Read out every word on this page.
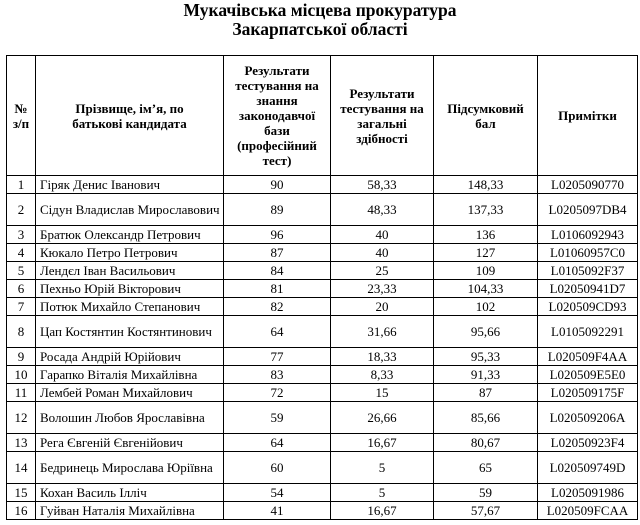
Мукачівська місцева прокуратура
Закарпатської області
№ з/п	Прізвище, ім’я, по батькові кандидата	Результати тестування на знання законодавчої бази (професійний тест)	Результати тестування на загальні здібності	Підсумковий бал	Примітки
1	Гіряк Денис Іванович	90	58,33	148,33	L0205090770
2	Сідун Владислав Мирославович	89	48,33	137,33	L0205097DB4
3	Братюк Олександр Петрович	96	40	136	L0106092943
4	Кюкало Петро Петрович	87	40	127	L01060957C0
5	Лендєл Іван Васильович	84	25	109	L0105092F37
6	Пехньо Юрій Вікторович	81	23,33	104,33	L02050941D7
7	Потюк Михайло Степанович	82	20	102	L020509CD93
8	Цап Костянтин Костянтинович	64	31,66	95,66	L0105092291
9	Росада Андрій Юрійович	77	18,33	95,33	L020509F4AA
10	Гарапко Віталія Михайлівна	83	8,33	91,33	L020509E5E0
11	Лембей Роман Михайлович	72	15	87	L020509175F
12	Волошин Любов Ярославівна	59	26,66	85,66	L020509206A
13	Рега Євгеній Євгенійович	64	16,67	80,67	L02050923F4
14	Бедринець Мирослава Юріївна	60	5	65	L020509749D
15	Кохан Василь Ілліч	54	5	59	L0205091986
16	Гуйван Наталія Михайлівна	41	16,67	57,67	L020509FCAA
